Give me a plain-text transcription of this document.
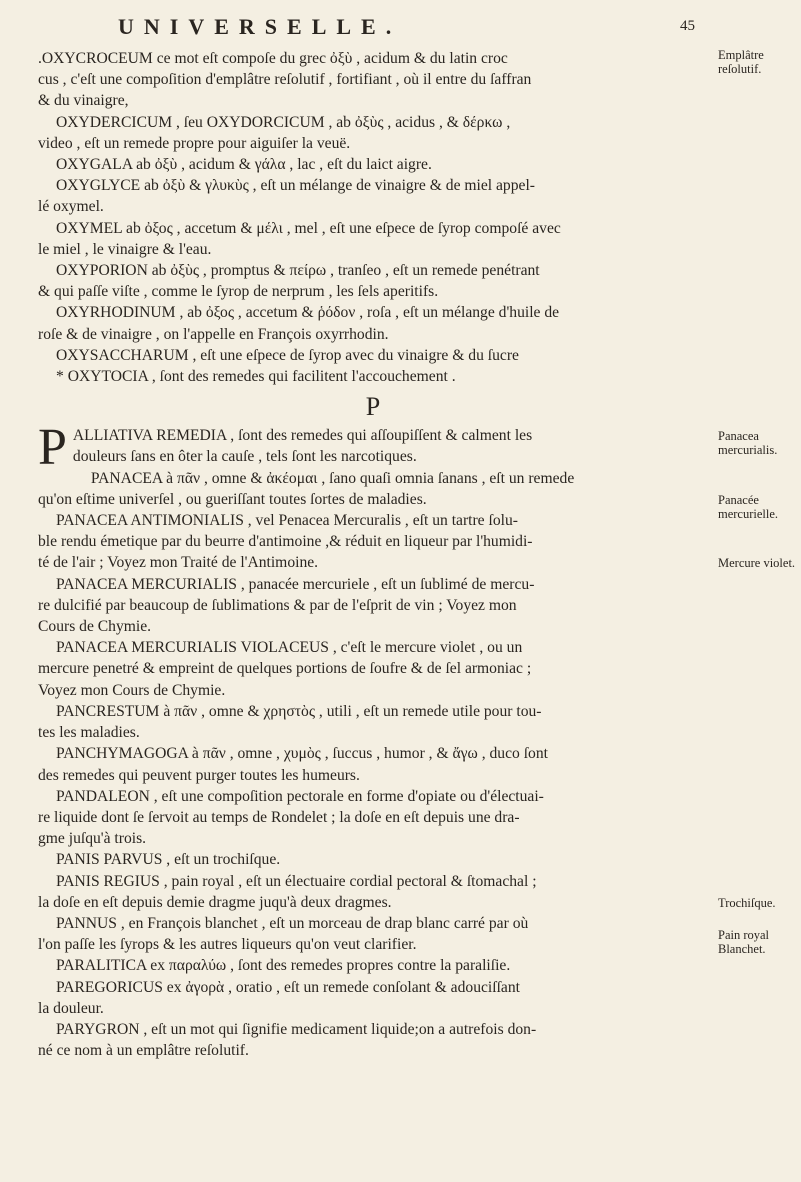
UNIVERSELLE.	45
.OXYCROCEUM ce mot eſt compoſe du grec ὀξὺ , acidum & du latin croc
cus , c'eſt une compoſition d'emplâtre reſolutif , fortifiant , où il entre du ſaffran
& du vinaigre,
OXYDERCICUM , ſeu OXYDORCICUM , ab ὀξὺς , acidus , & δέρκω ,
video , eſt un remede propre pour aiguiſer la veuë.
OXYGALA ab ὀξὺ , acidum & γάλα , lac , eſt du laict aigre.
OXYGLYCE ab ὀξὺ & γλυκὺς , eſt un mélange de vinaigre & de miel appel-
lé oxymel.
OXYMEL ab ὀξος , accetum & μέλι , mel , eſt une eſpece de ſyrop compoſé avec
le miel , le vinaigre & l'eau.
OXYPORION ab ὀξὺς , promptus & πείρω , tranſeo , eſt un remede penétrant
& qui paſſe viſte , comme le ſyrop de nerprum , les ſels aperitifs.
OXYRHODINUM , ab ὀξος , accetum & ῥόδον , roſa , eſt un mélange d'huile de
roſe & de vinaigre , on l'appelle en François oxyrrhodin.
OXYSACCHARUM , eſt une eſpece de ſyrop avec du vinaigre & du ſucre
* OXYTOCIA , ſont des remedes qui facilitent l'accouchement .
P
P ALLIATIVA REMEDIA , ſont des remedes qui aſſoupiſſent & calment les
douleurs ſans en ôter la cauſe , tels ſont les narcotiques.
PANACEA à πᾶν , omne & ἀκέομαι , ſano quaſi omnia ſanans , eſt un remede
qu'on eſtime univerſel , ou gueriſſant toutes ſortes de maladies.
PANACEA ANTIMONIALIS , vel Penacea Mercuralis , eſt un tartre ſolu-
ble rendu émetique par du beurre d'antimoine ,& réduit en liqueur par l'humidi-
té de l'air ; Voyez mon Traité de l'Antimoine.
PANACEA MERCURIALIS , panacée mercuriele , eſt un ſublimé de mercu-
re dulcifié par beaucoup de ſublimations & par de l'eſprit de vin ; Voyez mon
Cours de Chymie.
PANACEA MERCURIALIS VIOLACEUS , c'eſt le mercure violet , ou un
mercure penetré & empreint de quelques portions de ſoufre & de ſel armoniac ;
Voyez mon Cours de Chymie.
PANCRESTUM à πᾶν , omne & χρηστὸς , utili , eſt un remede utile pour tou-
tes les maladies.
PANCHYMAGOGA à πᾶν , omne , χυμὸς , ſuccus , humor , & ἄγω , duco ſont
des remedes qui peuvent purger toutes les humeurs.
PANDALEON , eſt une compoſition pectorale en forme d'opiate ou d'électuai-
re liquide dont ſe ſervoit au temps de Rondelet ; la doſe en eſt depuis une dra-
gme juſqu'à trois.
PANIS PARVUS , eſt un trochiſque.
PANIS REGIUS , pain royal , eſt un électuaire cordial pectoral & ſtomachal ;
la doſe en eſt depuis demie dragme juqu'à deux dragmes.
PANNUS , en François blanchet , eſt un morceau de drap blanc carré par où
l'on paſſe les ſyrops & les autres liqueurs qu'on veut clarifier.
PARALITICA ex παραλύω , ſont des remedes propres contre la paraliſie.
PAREGORICUS ex ἀγορὰ , oratio , eſt un remede conſolant & adouciſſant
la douleur.
PARYGRON , eſt un mot qui ſignifie medicament liquide;on a autrefois don-
né ce nom à un emplâtre reſolutif.
Emplâtre reſolutif.
Panacea mercurialis.
Panacée mercurielle.
Mercure violet.
Trochiſque.
Pain royal Blanchet.
